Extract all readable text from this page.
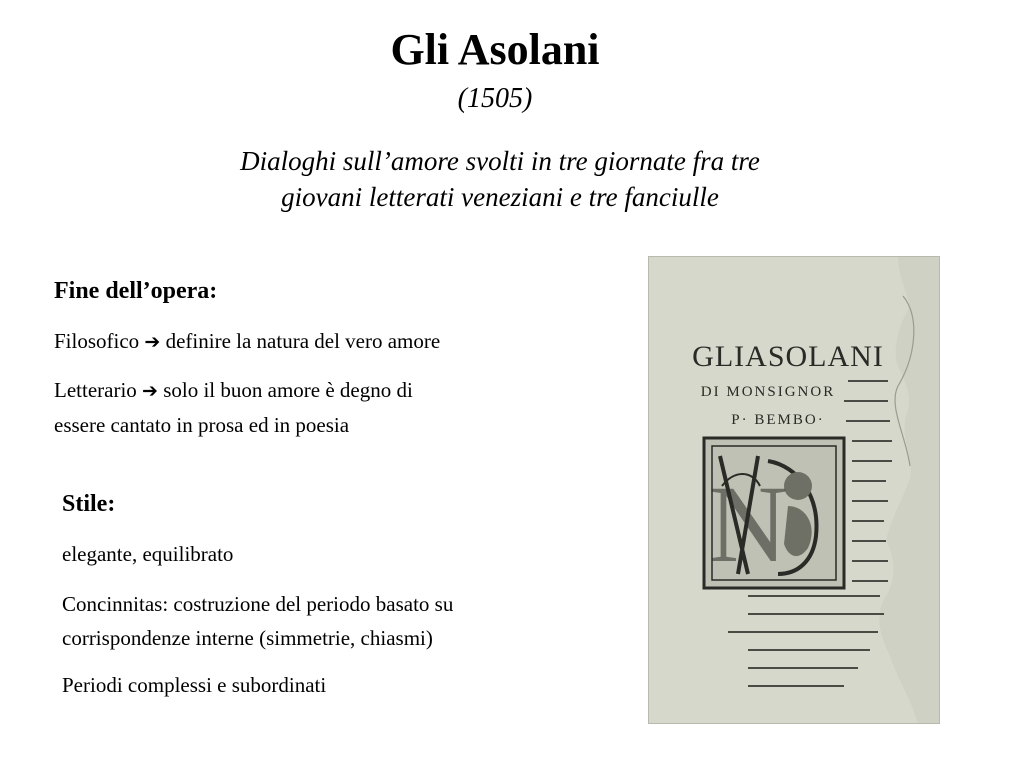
Gli Asolani
(1505)
Dialoghi sull’amore svolti in tre giornate fra tre
giovani letterati veneziani e tre fanciulle
Fine dell’opera:
Filosofico ➔ definire la natura del vero amore
Letterario ➔ solo il buon amore è degno di
essere cantato in prosa ed in poesia
Stile:
elegante, equilibrato
Concinnitas: costruzione del periodo basato su
corrispondenze interne (simmetrie, chiasmi)
Periodi complessi e subordinati
GLIASOLANI
DI MONSIGNOR
P· BEMBO·
N
